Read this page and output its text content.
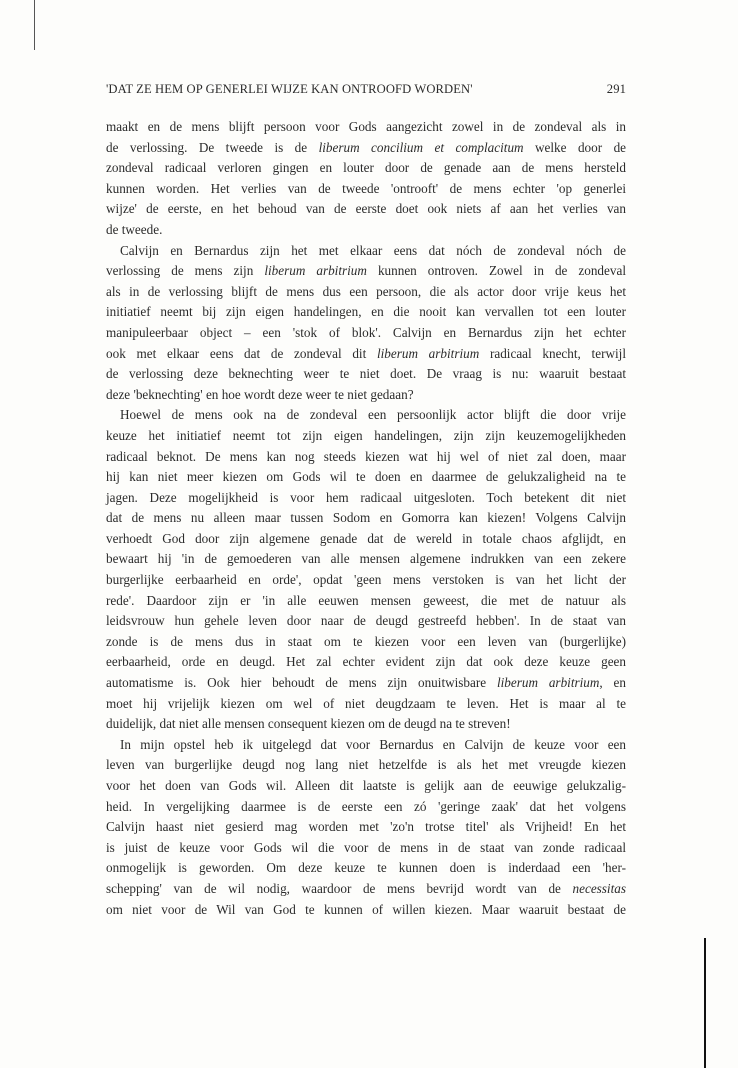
'DAT ZE HEM OP GENERLEI WIJZE KAN ONTROOFD WORDEN'	291
maakt en de mens blijft persoon voor Gods aangezicht zowel in de zondeval als in
de verlossing. De tweede is de liberum concilium et complacitum welke door de
zondeval radicaal verloren gingen en louter door de genade aan de mens hersteld
kunnen worden. Het verlies van de tweede 'ontrooft' de mens echter 'op generlei
wijze' de eerste, en het behoud van de eerste doet ook niets af aan het verlies van
de tweede.
Calvijn en Bernardus zijn het met elkaar eens dat nóch de zondeval nóch de
verlossing de mens zijn liberum arbitrium kunnen ontroven. Zowel in de zondeval
als in de verlossing blijft de mens dus een persoon, die als actor door vrije keus het
initiatief neemt bij zijn eigen handelingen, en die nooit kan vervallen tot een louter
manipuleerbaar object – een 'stok of blok'. Calvijn en Bernardus zijn het echter
ook met elkaar eens dat de zondeval dit liberum arbitrium radicaal knecht, terwijl
de verlossing deze beknechting weer te niet doet. De vraag is nu: waaruit bestaat
deze 'beknechting' en hoe wordt deze weer te niet gedaan?
Hoewel de mens ook na de zondeval een persoonlijk actor blijft die door vrije
keuze het initiatief neemt tot zijn eigen handelingen, zijn zijn keuzemogelijkheden
radicaal beknot. De mens kan nog steeds kiezen wat hij wel of niet zal doen, maar
hij kan niet meer kiezen om Gods wil te doen en daarmee de gelukzaligheid na te
jagen. Deze mogelijkheid is voor hem radicaal uitgesloten. Toch betekent dit niet
dat de mens nu alleen maar tussen Sodom en Gomorra kan kiezen! Volgens Calvijn
verhoedt God door zijn algemene genade dat de wereld in totale chaos afglijdt, en
bewaart hij 'in de gemoederen van alle mensen algemene indrukken van een zekere
burgerlijke eerbaarheid en orde', opdat 'geen mens verstoken is van het licht der
rede'. Daardoor zijn er 'in alle eeuwen mensen geweest, die met de natuur als
leidsvrouw hun gehele leven door naar de deugd gestreefd hebben'. In de staat van
zonde is de mens dus in staat om te kiezen voor een leven van (burgerlijke)
eerbaarheid, orde en deugd. Het zal echter evident zijn dat ook deze keuze geen
automatisme is. Ook hier behoudt de mens zijn onuitwisbare liberum arbitrium, en
moet hij vrijelijk kiezen om wel of niet deugdzaam te leven. Het is maar al te
duidelijk, dat niet alle mensen consequent kiezen om de deugd na te streven!
In mijn opstel heb ik uitgelegd dat voor Bernardus en Calvijn de keuze voor een
leven van burgerlijke deugd nog lang niet hetzelfde is als het met vreugde kiezen
voor het doen van Gods wil. Alleen dit laatste is gelijk aan de eeuwige gelukzalig-
heid. In vergelijking daarmee is de eerste een zó 'geringe zaak' dat het volgens
Calvijn haast niet gesierd mag worden met 'zo'n trotse titel' als Vrijheid! En het
is juist de keuze voor Gods wil die voor de mens in de staat van zonde radicaal
onmogelijk is geworden. Om deze keuze te kunnen doen is inderdaad een 'her-
schepping' van de wil nodig, waardoor de mens bevrijd wordt van de necessitas
om niet voor de Wil van God te kunnen of willen kiezen. Maar waaruit bestaat de
